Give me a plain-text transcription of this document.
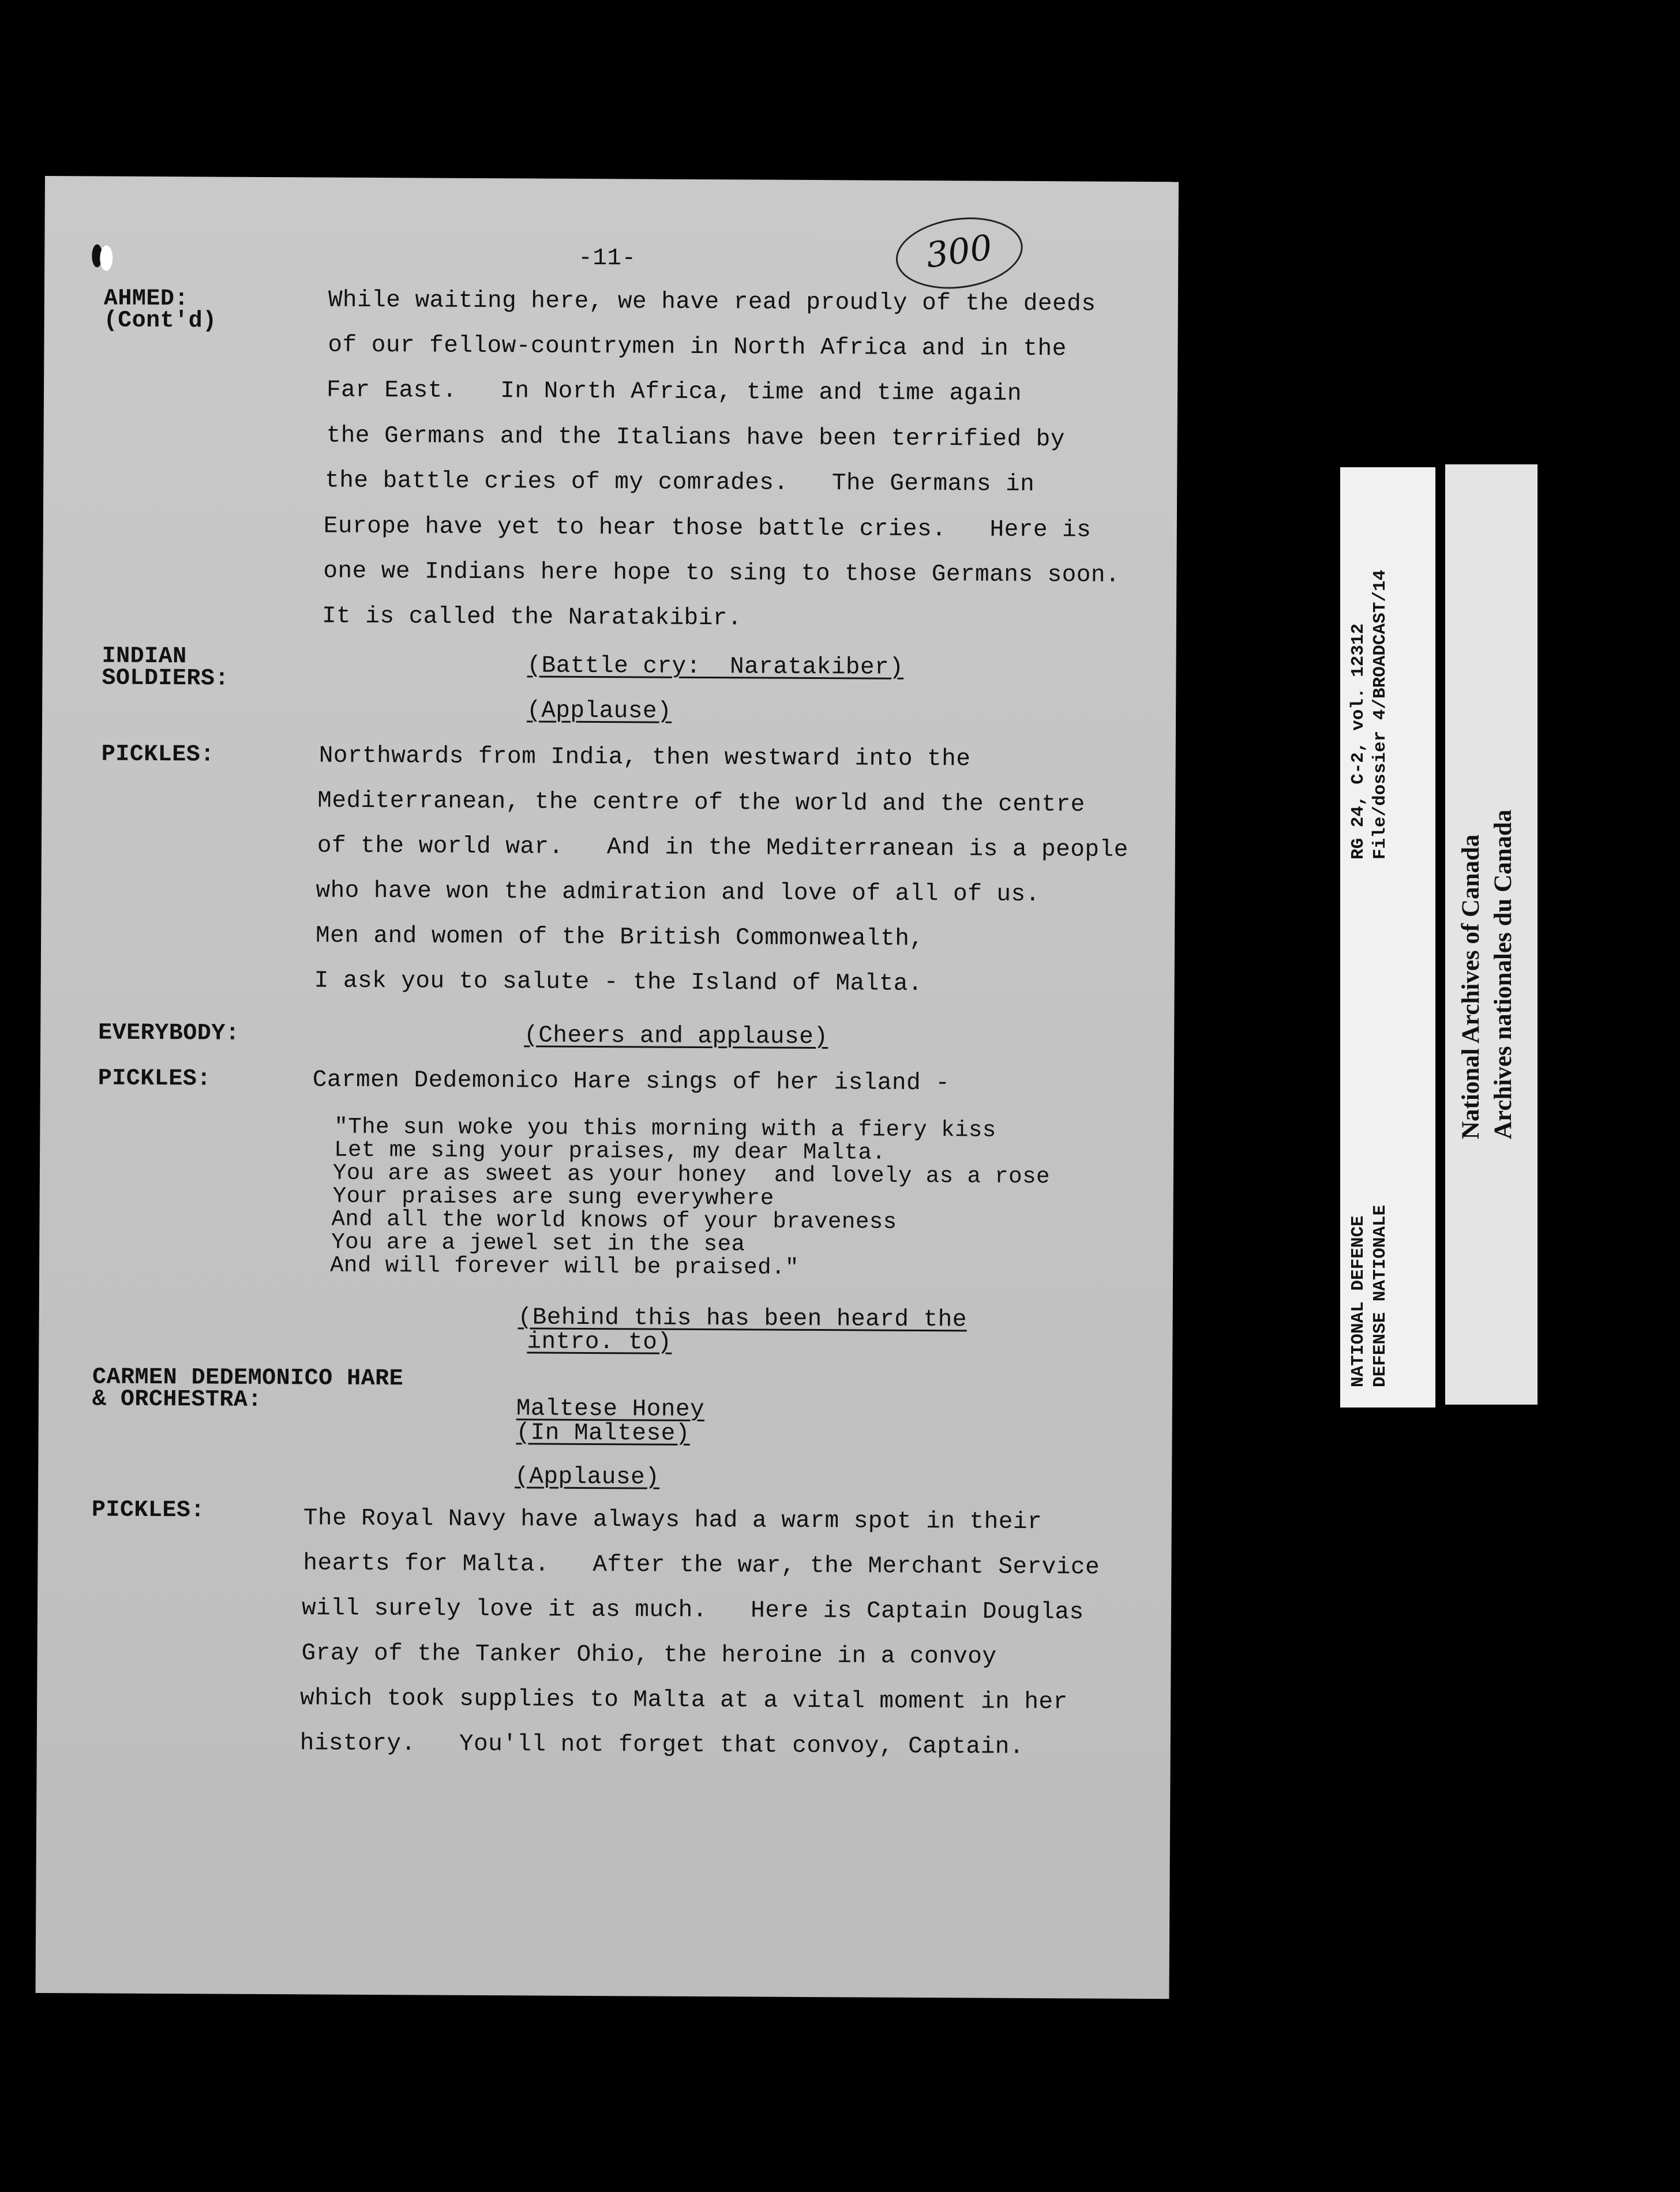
-11-	300
AHMED:
(Cont'd)
INDIAN
SOLDIERS:
PICKLES:
EVERYBODY:
PICKLES:
CARMEN DEDEMONICO HARE
& ORCHESTRA:
PICKLES:
While waiting here, we have read proudly of the deeds
of our fellow-countrymen in North Africa and in the
Far East.   In North Africa, time and time again
the Germans and the Italians have been terrified by
the battle cries of my comrades.   The Germans in
Europe have yet to hear those battle cries.   Here is
one we Indians here hope to sing to those Germans soon.
It is called the Naratakibir.
(Battle cry:  Naratakiber)
(Applause)
Northwards from India, then westward into the
Mediterranean, the centre of the world and the centre
of the world war.   And in the Mediterranean is a people
who have won the admiration and love of all of us.
Men and women of the British Commonwealth,
I ask you to salute - the Island of Malta.
(Cheers and applause)
Carmen Dedemonico Hare sings of her island -
"The sun woke you this morning with a fiery kiss
Let me sing your praises, my dear Malta.
You are as sweet as your honey  and lovely as a rose
Your praises are sung everywhere
And all the world knows of your braveness
You are a jewel set in the sea
And will forever will be praised."
(Behind this has been heard the
intro. to)
Maltese Honey
(In Maltese)
(Applause)
The Royal Navy have always had a warm spot in their
hearts for Malta.   After the war, the Merchant Service
will surely love it as much.   Here is Captain Douglas
Gray of the Tanker Ohio, the heroine in a convoy
which took supplies to Malta at a vital moment in her
history.   You'll not forget that convoy, Captain.
NATIONAL DEFENCE DEFENSE NATIONALE
RG 24, C-2, vol. 12312 File/dossier 4/BROADCAST/14
National Archives of Canada Archives nationales du Canada
